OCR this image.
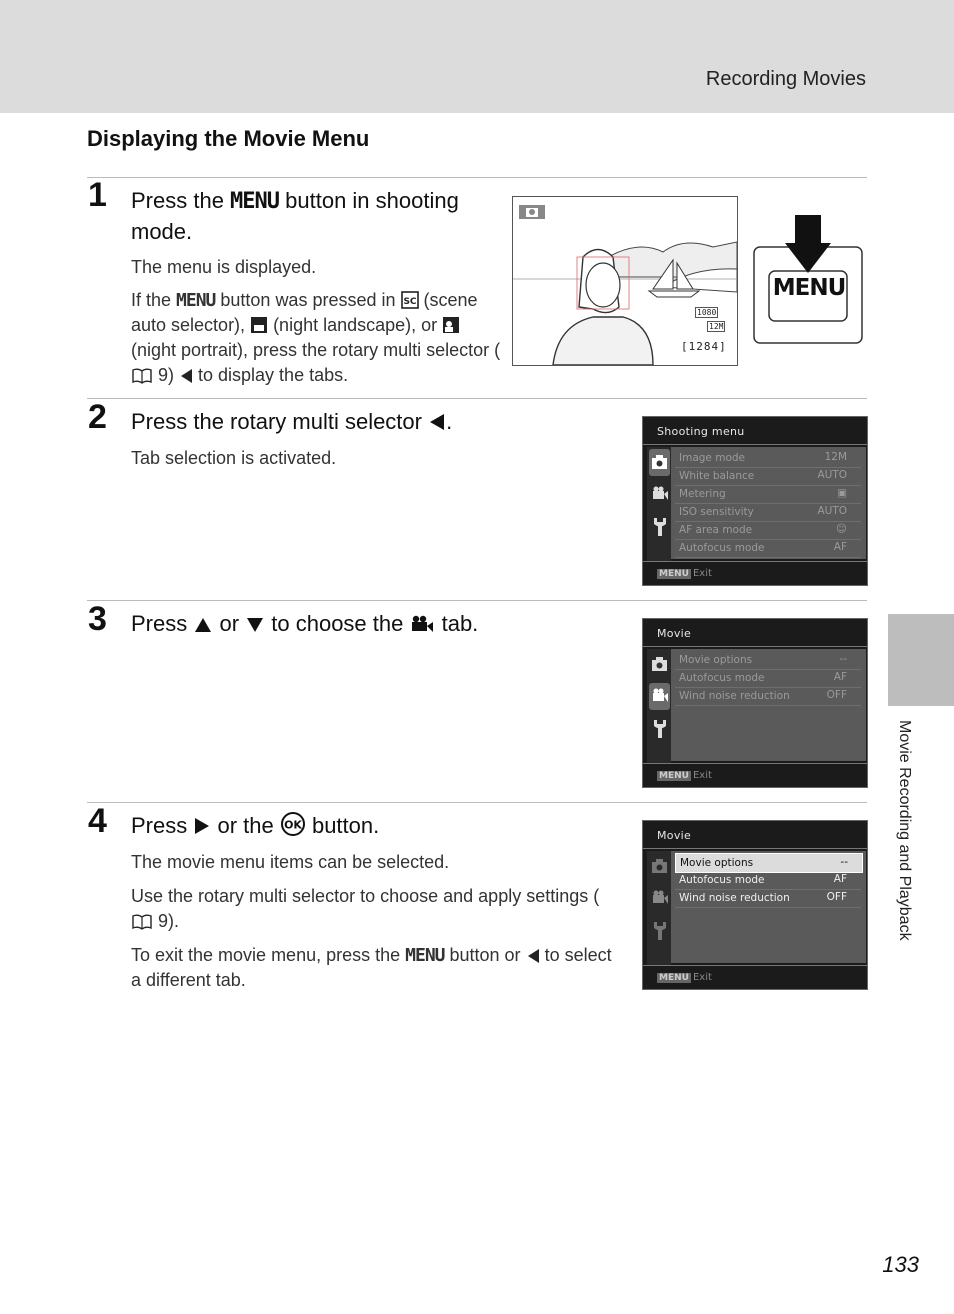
Recording Movies
Displaying the Movie Menu
1 Press the MENU button in shooting mode.
The menu is displayed.
If the MENU button was pressed in SC (scene auto selector),  (night landscape), or  (night portrait), press the rotary multi selector ( 9)  to display the tabs.
1080
12M
[1284]
MENU
2 Press the rotary multi selector .
Tab selection is activated.
Shooting menu
Image mode	12M
White balance	AUTO
Metering	▣
ISO sensitivity	AUTO
AF area mode	☺
Autofocus mode	AF
MENU Exit
3 Press  or  to choose the  tab.	Movie
Movie options	--
Autofocus mode	AF
Wind noise reduction	OFF
MENU Exit
4 Press  or the OK button.
The movie menu items can be selected.
Use the rotary multi selector to choose and apply settings ( 9).
To exit the movie menu, press the MENU button or  to select a different tab.
Movie
Movie options	--
Autofocus mode	AF
Wind noise reduction	OFF
MENU Exit
Movie Recording and Playback
133
